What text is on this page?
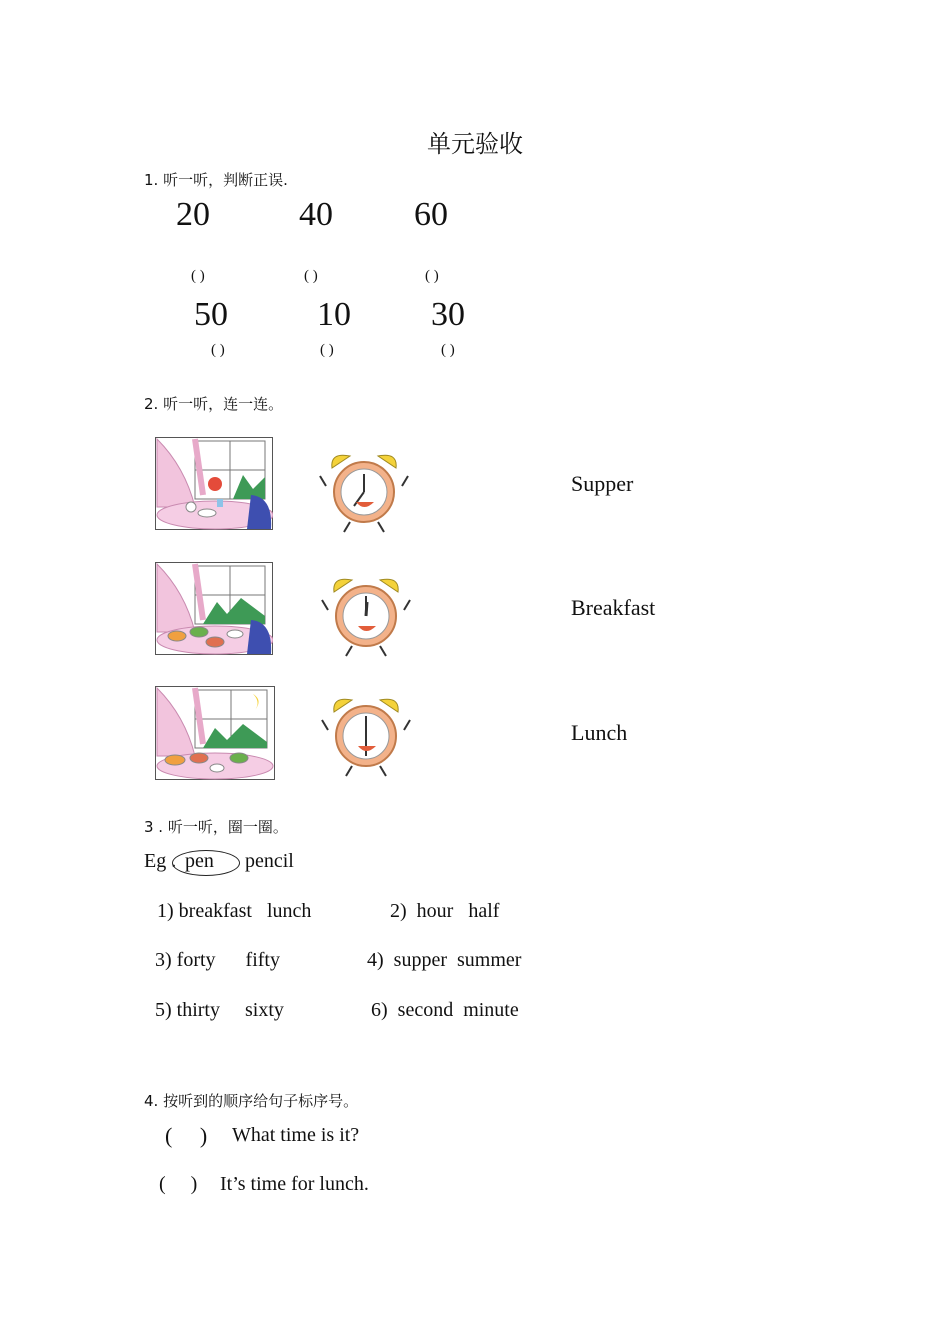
单元验收
1. 听一听，判断正误.
20	40 60
( )	( )	( )
50	10 30
( )	( )	( )
2. 听一听，连一连。
Supper
Breakfast
Lunch
3 . 听一听，圈一圈。
Eg . pen pencil
1) breakfast   lunch	2)  hour   half
3) forty      fifty	4)  supper  summer
5) thirty     sixty	6)  second  minute
4. 按听到的顺序给句子标序号。
(     ) What time is it?
(     ) It’s time for lunch.
